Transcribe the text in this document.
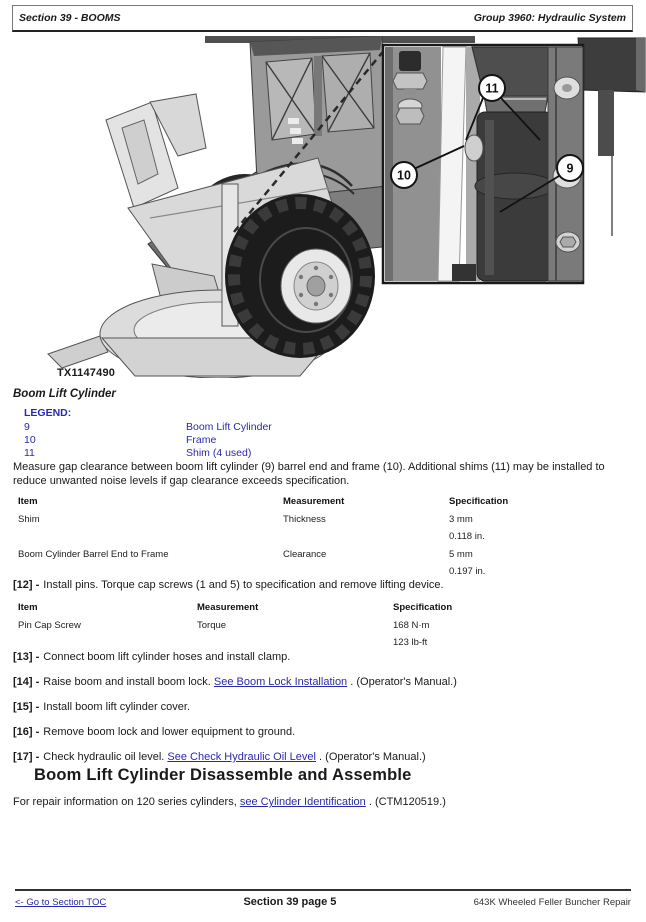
Section 39 - BOOMS	Group 3960: Hydraulic System
11
10	9
TX1147490
Boom Lift Cylinder
LEGEND:
9	Boom Lift Cylinder
10	Frame
11	Shim (4 used)
Measure gap clearance between boom lift cylinder (9) barrel end and frame (10). Additional shims (11) may be installed to reduce unwanted noise levels if gap clearance exceeds specification.
Item	Measurement	Specification
Shim	Thickness	3 mm
0.118 in.
Boom Cylinder Barrel End to Frame	Clearance	5 mm
0.197 in.

[12] - Install pins. Torque cap screws (1 and 5) to specification and remove lifting device.

Item	Measurement	Specification
Pin Cap Screw	Torque	168 N·m
123 lb-ft

[13] - Connect boom lift cylinder hoses and install clamp.

[14] - Raise boom and install boom lock. See Boom Lock Installation . (Operator's Manual.)

[15] - Install boom lift cylinder cover.

[16] - Remove boom lock and lower equipment to ground.

[17] - Check hydraulic oil level. See Check Hydraulic Oil Level . (Operator's Manual.)

Boom Lift Cylinder Disassemble and Assemble
For repair information on 120 series cylinders, see Cylinder Identification . (CTM120519.)
<- Go to Section TOC	Section 39 page 5	643K Wheeled Feller Buncher Repair
